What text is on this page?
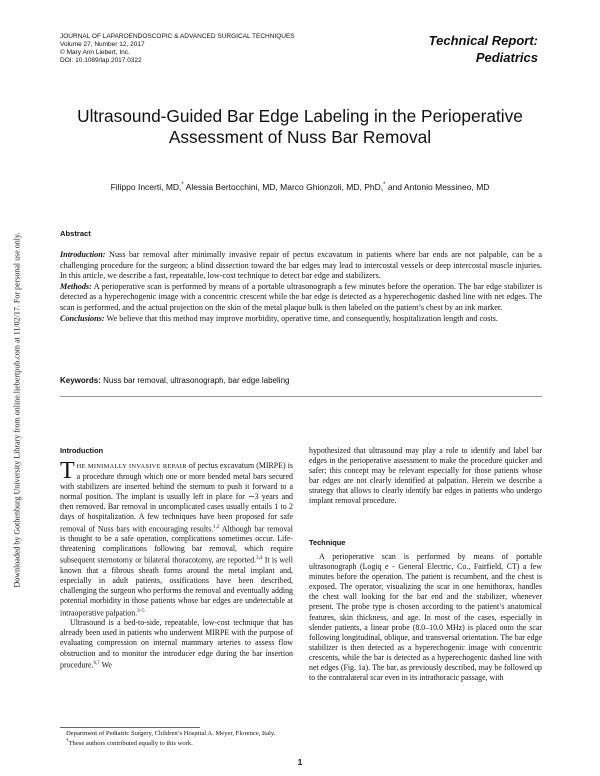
JOURNAL OF LAPAROENDOSCOPIC & ADVANCED SURGICAL TECHNIQUES
Volume 27, Number 12, 2017
© Mary Ann Liebert, Inc.
DOI: 10.1089/lap.2017.0322
Technical Report:
Pediatrics
Ultrasound-Guided Bar Edge Labeling in the Perioperative
Assessment of Nuss Bar Removal
Filippo Incerti, MD,* Alessia Bertocchini, MD, Marco Ghionzoli, MD, PhD,* and Antonio Messineo, MD
Downloaded by Gothenburg University Library from online.liebertpub.com at 11/02/17. For personal use only.	Abstract

Introduction: Nuss bar removal after minimally invasive repair of pectus excavatum in patients where bar ends are not palpable, can be a challenging procedure for the surgeon; a blind dissection toward the bar edges may lead to intercostal vessels or deep intercostal muscle injuries. In this article, we describe a fast, repeatable, low-cost technique to detect bar edge and stabilizers.

Methods: A perioperative scan is performed by means of a portable ultrasonograph a few minutes before the operation. The bar edge stabilizer is detected as a hyperechogenic image with a concentric crescent while the bar edge is detected as a hyperechogenic dashed line with net edges. The scan is performed, and the actual projection on the skin of the metal plaque bulk is then labeled on the patient’s chest by an ink marker.

Conclusions: We believe that this method may improve morbidity, operative time, and consequently, hospitalization length and costs.

Keywords: Nuss bar removal, ultrasonograph, bar edge labeling
Introduction

THE MINIMALLY INVASIVE REPAIR of pectus excavatum (MIRPE) is a procedure through which one or more bended metal bars secured with stabilizers are inserted behind the sternum to push it forward to a normal position. The implant is usually left in place for ∼3 years and then removed. Bar removal in uncomplicated cases usually entails 1 to 2 days of hospitalization. A few techniques have been proposed for safe removal of Nuss bars with encouraging results.$^{1,2}$ Although bar removal is thought to be a safe operation, complications sometimes occur. Life-threatening complications following bar removal, which require subsequent sternotomy or bilateral thoracotomy, are reported.$^{3,4}$ It is well known that a fibrous sheath forms around the metal implant and, especially in adult patients, ossifications have been described, challenging the surgeon who performs the removal and eventually adding potential morbidity in those patients whose bar edges are undetectable at intraoperative palpation.$^{3-5}$

Ultrasound is a bed-to-side, repeatable, low-cost technique that has already been used in patients who underwent MIRPE with the purpose of evaluating compression on internal mammary arteries to assess flow obstruction and to monitor the introducer edge during the bar insertion procedure.$^{6,7}$ We

hypothesized that ultrasound may play a role to identify and label bar edges in the perioperative assessment to make the procedure quicker and safer; this concept may be relevant especially for those patients whose bar edges are not clearly identified at palpation. Herein we describe a strategy that allows to clearly identify bar edges in patients who undergo implant removal procedure.

Technique

A perioperative scan is performed by means of portable ultrasonograph (Logiq e - General Electric, Co., Fairfield, CT) a few minutes before the operation. The patient is recumbent, and the chest is exposed. The operator, visualizing the scar in one hemithorax, handles the chest wall looking for the bar end and the stabilizer, whenever present. The probe type is chosen according to the patient’s anatomical features, skin thickness, and age. In most of the cases, especially in slender patients, a linear probe (8.0–10.0 MHz) is placed onto the scar following longitudinal, oblique, and transversal orientation. The bar edge stabilizer is then detected as a hyperechogenic image with concentric crescents, while the bar is detected as a hyperechogenic dashed line with net edges (Fig. 1a). The bar, as previously described, may be followed up to the contralateral scar even in its intrathoracic passage, with

Department of Pediatric Surgery, Children’s Hospital A. Meyer, Florence, Italy.
*These authors contributed equally to this work.
1
